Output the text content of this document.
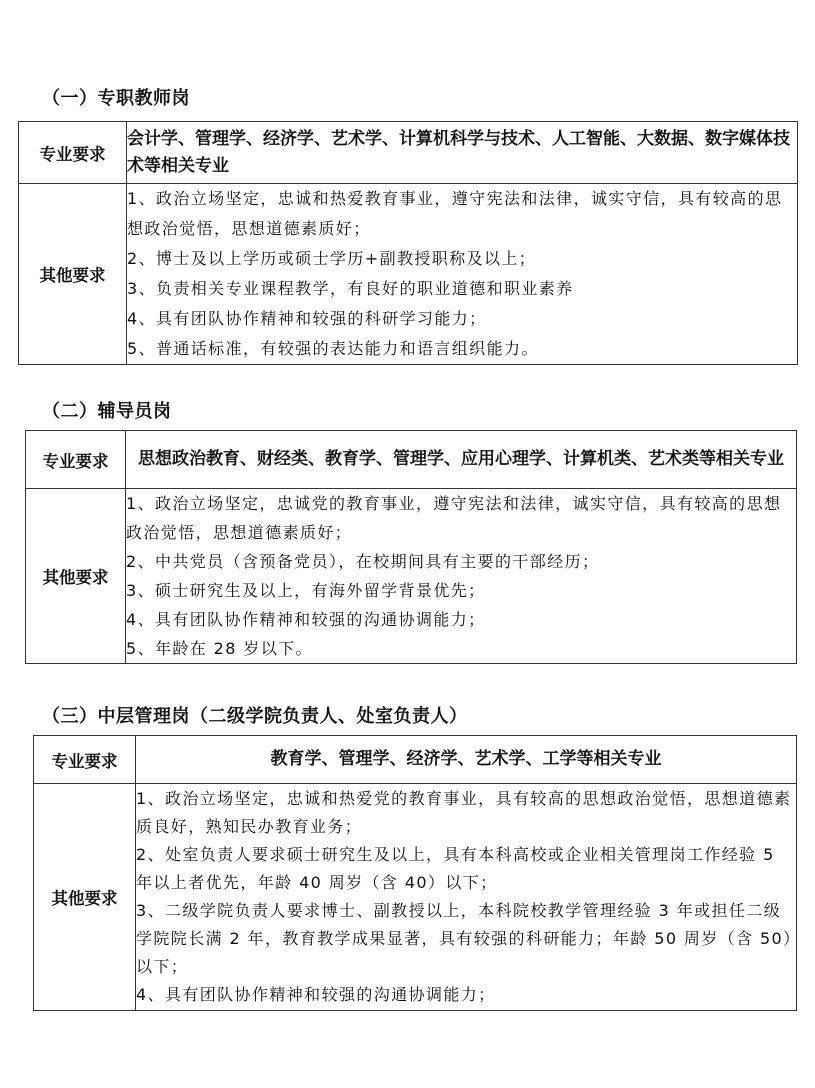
（一）专职教师岗
专业要求	会计学、管理学、经济学、艺术学、计算机科学与技术、人工智能、大数据、数字媒体技术等相关专业
其他要求	1、政治立场坚定，忠诚和热爱教育事业，遵守宪法和法律，诚实守信，具有较高的思想政治觉悟，思想道德素质好；
2、博士及以上学历或硕士学历+副教授职称及以上；
3、负责相关专业课程教学，有良好的职业道德和职业素养
4、具有团队协作精神和较强的科研学习能力；
5、普通话标准，有较强的表达能力和语言组织能力。
（二）辅导员岗
专业要求	思想政治教育、财经类、教育学、管理学、应用心理学、计算机类、艺术类等相关专业
其他要求	1、政治立场坚定，忠诚党的教育事业，遵守宪法和法律，诚实守信，具有较高的思想政治觉悟，思想道德素质好；
2、中共党员（含预备党员），在校期间具有主要的干部经历；
3、硕士研究生及以上，有海外留学背景优先；
4、具有团队协作精神和较强的沟通协调能力；
5、年龄在 28 岁以下。
（三）中层管理岗（二级学院负责人、处室负责人）
专业要求	教育学、管理学、经济学、艺术学、工学等相关专业
其他要求	1、政治立场坚定，忠诚和热爱党的教育事业，具有较高的思想政治觉悟，思想道德素质良好，熟知民办教育业务；
2、处室负责人要求硕士研究生及以上，具有本科高校或企业相关管理岗工作经验 5 年以上者优先，年龄 40 周岁（含 40）以下；
3、二级学院负责人要求博士、副教授以上，本科院校教学管理经验 3 年或担任二级学院院长满 2 年，教育教学成果显著，具有较强的科研能力；年龄 50 周岁（含 50）以下；
4、具有团队协作精神和较强的沟通协调能力；
